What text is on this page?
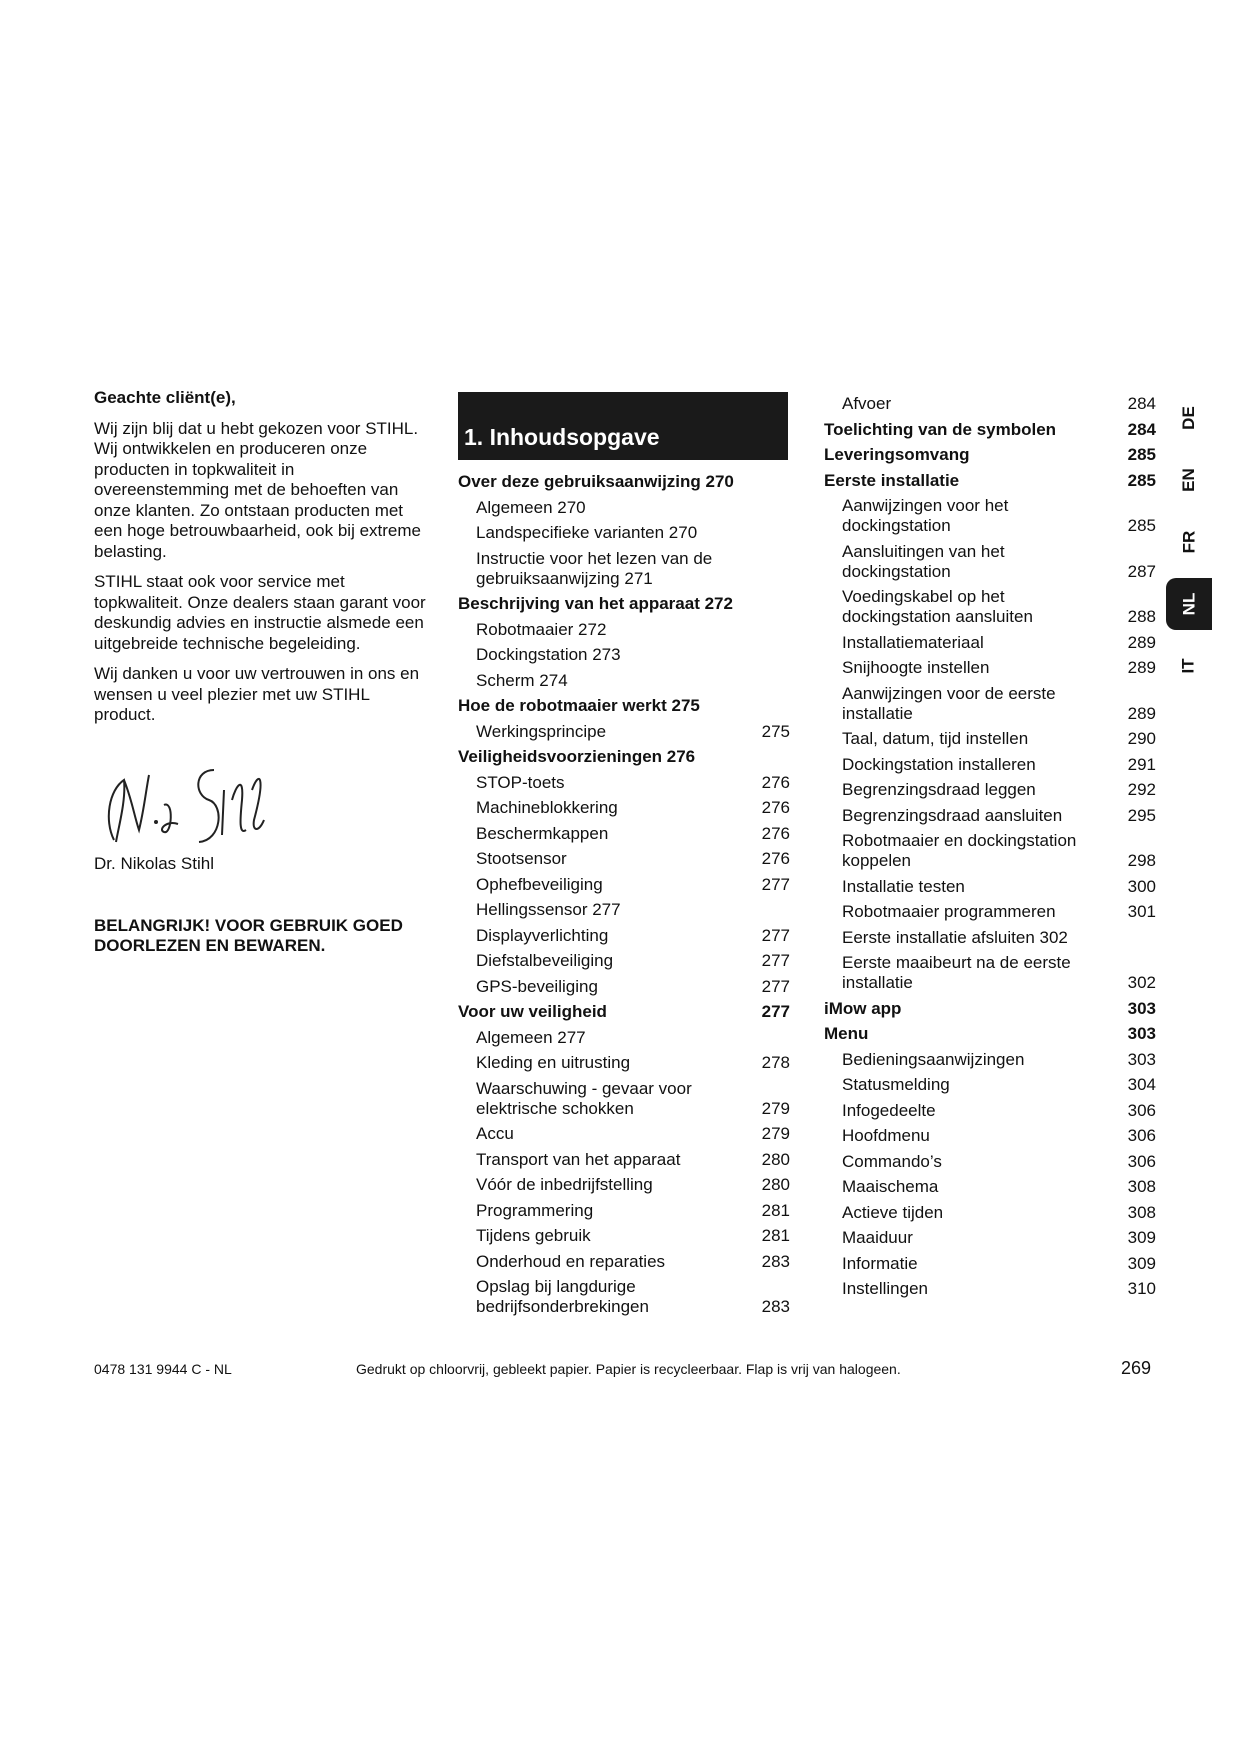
Geachte cliënt(e),

Wij zijn blij dat u hebt gekozen voor STIHL. Wij ontwikkelen en produceren onze producten in topkwaliteit in overeenstemming met de behoeften van onze klanten. Zo ontstaan producten met een hoge betrouwbaarheid, ook bij extreme belasting.

STIHL staat ook voor service met topkwaliteit. Onze dealers staan garant voor deskundig advies en instructie alsmede een uitgebreide technische begeleiding.

Wij danken u voor uw vertrouwen in ons en wensen u veel plezier met uw STIHL product.

Dr. Nikolas Stihl
BELANGRIJK! VOOR GEBRUIK GOED DOORLEZEN EN BEWAREN.
1. Inhoudsopgave
Over deze gebruiksaanwijzing 270
Algemeen 270
Landspecifieke varianten 270
Instructie voor het lezen van de gebruiksaanwijzing 271
Beschrijving van het apparaat 272
Robotmaaier 272
Dockingstation 273
Scherm 274
Hoe de robotmaaier werkt 275
Werkingsprincipe	275
Veiligheidsvoorzieningen 276
STOP-toets	276
Machineblokkering	276
Beschermkappen	276
Stootsensor	276
Ophefbeveiliging	277
Hellingssensor 277
Displayverlichting	277
Diefstalbeveiliging	277
GPS-beveiliging	277
Voor uw veiligheid	277
Algemeen 277
Kleding en uitrusting	278
Waarschuwing - gevaar voor elektrische schokken	279
Accu	279
Transport van het apparaat	280
Vóór de inbedrijfstelling	280
Programmering	281
Tijdens gebruik	281
Onderhoud en reparaties	283
Opslag bij langdurige bedrijfsonderbrekingen	283
Afvoer	284
Toelichting van de symbolen	284
Leveringsomvang	285
Eerste installatie	285
Aanwijzingen voor het dockingstation	285
Aansluitingen van het dockingstation	287
Voedingskabel op het dockingstation aansluiten	288
Installatiemateriaal	289
Snijhoogte instellen	289
Aanwijzingen voor de eerste installatie	289
Taal, datum, tijd instellen	290
Dockingstation installeren	291
Begrenzingsdraad leggen	292
Begrenzingsdraad aansluiten	295
Robotmaaier en dockingstation koppelen	298
Installatie testen	300
Robotmaaier programmeren	301
Eerste installatie afsluiten 302
Eerste maaibeurt na de eerste installatie	302
iMow app	303
Menu	303
Bedieningsaanwijzingen	303
Statusmelding	304
Infogedeelte	306
Hoofdmenu	306
Commando’s	306
Maaischema	308
Actieve tijden	308
Maaiduur	309
Informatie	309
Instellingen	310
0478 131 9944 C - NL	Gedrukt op chloorvrij, gebleekt papier. Papier is recycleerbaar. Flap is vrij van halogeen.	269
DE
EN
FR
NL
IT
